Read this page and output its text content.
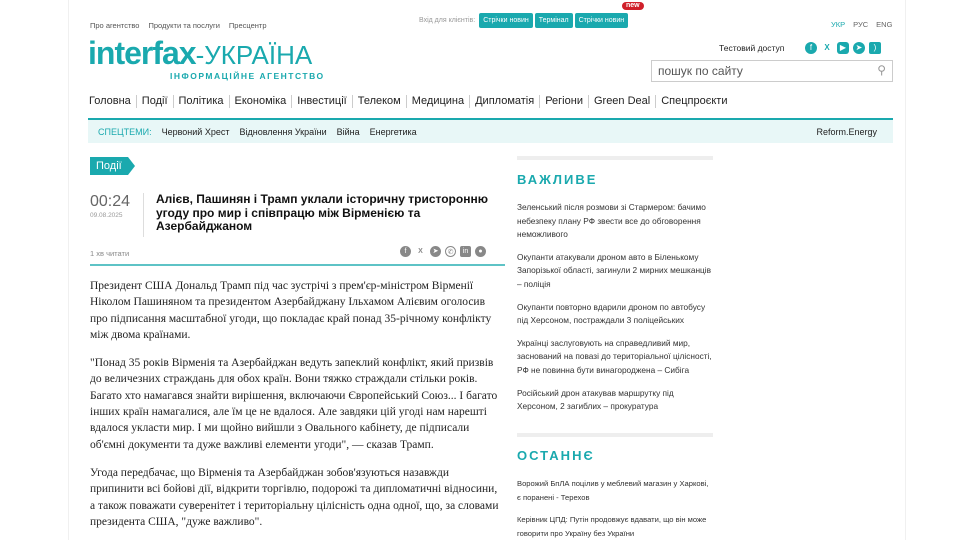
Про агентство Продукти та послуги Пресцентр
Вхід для клієнтів: Стрічки новин Термінал Стрічки новин
new
УКР РУС ENG
interfax-УКРАЇНА
ІНФОРМАЦІЙНЕ АГЕНТСТВО
Тестовий доступ	f	X	▶	➤	)
пошук по сайту	⚲
Головна	Події	Політика	Економіка	Інвестиції	Телеком	Медицина	Дипломатія	Регіони	Green Deal	Спецпроєкти
СПЕЦТЕМИ: Червоний Хрест Відновлення України Війна Енергетика	Reform.Energy
Події
00:24
09.08.2025
Алієв, Пашинян і Трамп уклали історичну тристоронню угоду про мир і співпрацю між Вірменією та Азербайджаном
1 хв читати	f	X	➤	✆	in	●

Президент США Дональд Трамп під час зустрічі з прем'єр-міністром Вірменії Ніколом Пашиняном та президентом Азербайджану Ільхамом Алієвим оголосив про підписання масштабної угоди, що покладає край понад 35-річному конфлікту між двома країнами.

"Понад 35 років Вірменія та Азербайджан ведуть запеклий конфлікт, який призвів до величезних страждань для обох країн. Вони тяжко страждали стільки років. Багато хто намагався знайти вирішення, включаючи Європейський Союз... І багато інших країн намагалися, але їм це не вдалося. Але завдяки цій угоді нам нарешті вдалося укласти мир. І ми щойно вийшли з Овального кабінету, де підписали об'ємні документи та дуже важливі елементи угоди", — сказав Трамп.

Угода передбачає, що Вірменія та Азербайджан зобов'язуються назавжди припинити всі бойові дії, відкрити торгівлю, подорожі та дипломатичні відносини, а також поважати суверенітет і територіальну цілісність одна одної, що, за словами президента США, "дуже важливо".

ВАЖЛИВЕ
Зеленський після розмови зі Стармером: бачимо небезпеку плану РФ звести все до обговорення неможливого
Окупанти атакували дроном авто в Біленькому Запорізької області, загинули 2 мирних мешканців – поліція
Окупанти повторно вдарили дроном по автобусу під Херсоном, постраждали 3 поліцейських
Українці заслуговують на справедливий мир, заснований на повазі до територіальної цілісності, РФ не повинна бути винагороджена – Сибіга
Російський дрон атакував маршрутку під Херсоном, 2 загиблих – прокуратура
ОСТАННЄ
Ворожий БпЛА поцілив у меблевий магазин у Харкові, є поранені - Терехов
Керівник ЦПД: Путін продовжує вдавати, що він може говорити про Україну без України
